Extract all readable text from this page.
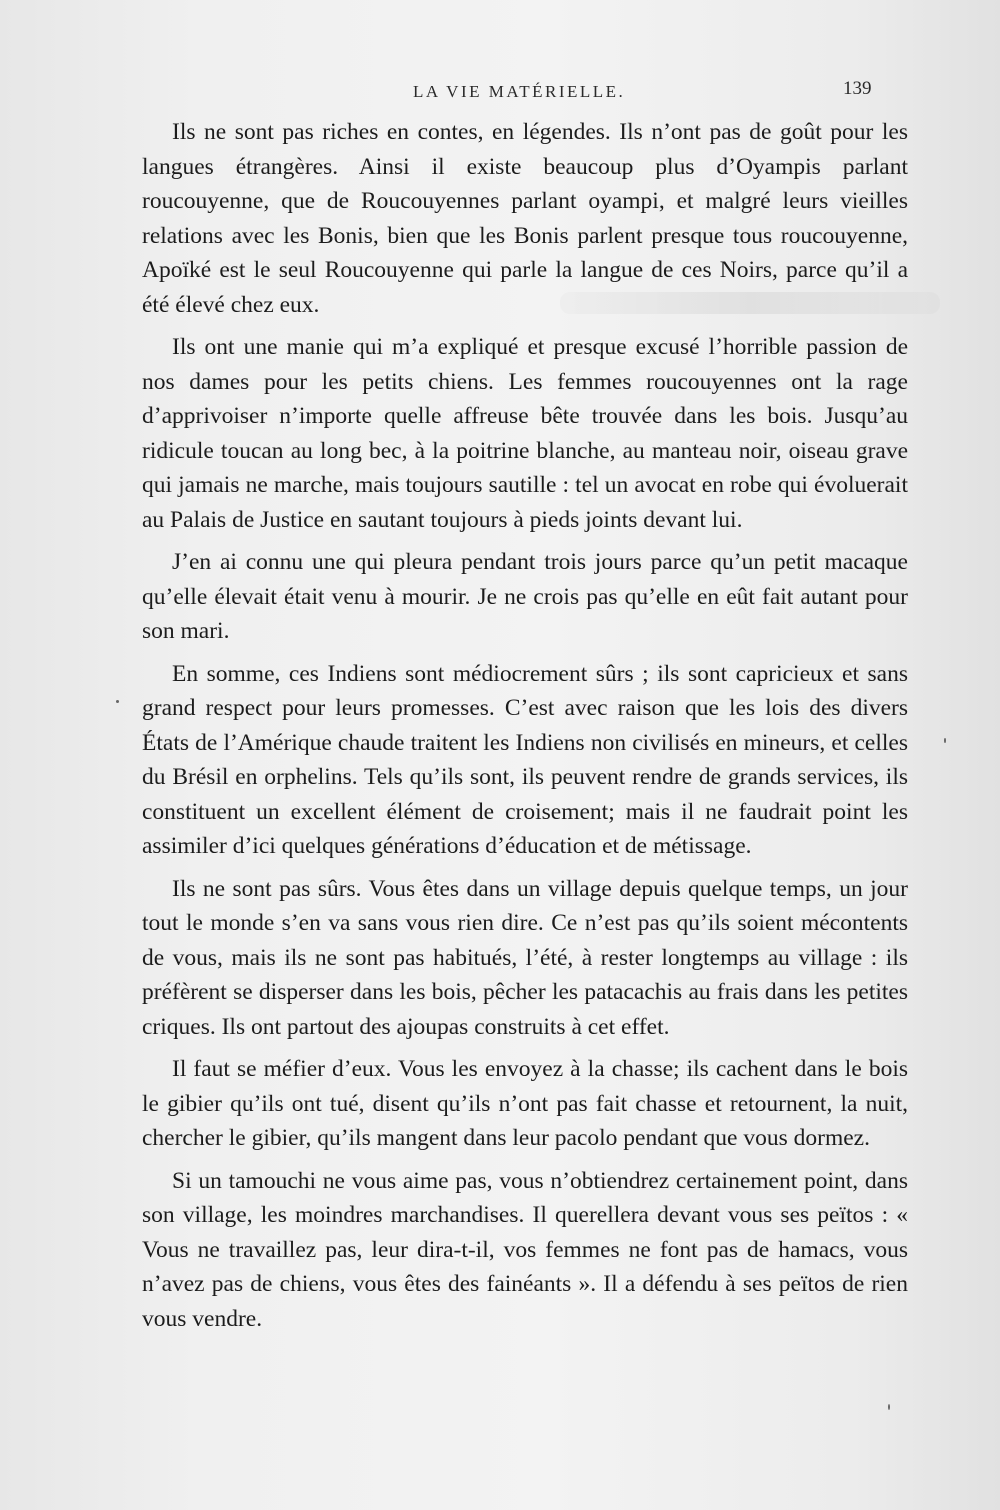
LA VIE MATÉRIELLE.	139

Ils ne sont pas riches en contes, en légendes. Ils n’ont pas de goût pour les langues étrangères. Ainsi il existe beaucoup plus d’Oyampis parlant roucouyenne, que de Roucouyennes parlant oyampi, et malgré leurs vieilles relations avec les Bonis, bien que les Bonis parlent presque tous roucouyenne, Apoïké est le seul Roucouyenne qui parle la langue de ces Noirs, parce qu’il a été élevé chez eux.

Ils ont une manie qui m’a expliqué et presque excusé l’horrible passion de nos dames pour les petits chiens. Les femmes roucouyennes ont la rage d’apprivoiser n’importe quelle affreuse bête trouvée dans les bois. Jusqu’au ridicule toucan au long bec, à la poitrine blanche, au manteau noir, oiseau grave qui jamais ne marche, mais toujours sautille : tel un avocat en robe qui évoluerait au Palais de Justice en sautant toujours à pieds joints devant lui.

J’en ai connu une qui pleura pendant trois jours parce qu’un petit macaque qu’elle élevait était venu à mourir. Je ne crois pas qu’elle en eût fait autant pour son mari.

En somme, ces Indiens sont médiocrement sûrs ; ils sont capricieux et sans grand respect pour leurs promesses. C’est avec raison que les lois des divers États de l’Amérique chaude traitent les Indiens non civilisés en mineurs, et celles du Brésil en orphelins. Tels qu’ils sont, ils peuvent rendre de grands services, ils constituent un excellent élément de croisement; mais il ne faudrait point les assimiler d’ici quelques générations d’éducation et de métissage.

Ils ne sont pas sûrs. Vous êtes dans un village depuis quelque temps, un jour tout le monde s’en va sans vous rien dire. Ce n’est pas qu’ils soient mécontents de vous, mais ils ne sont pas habitués, l’été, à rester longtemps au village : ils préfèrent se disperser dans les bois, pêcher les patacachis au frais dans les petites criques. Ils ont partout des ajoupas construits à cet effet.

Il faut se méfier d’eux. Vous les envoyez à la chasse; ils cachent dans le bois le gibier qu’ils ont tué, disent qu’ils n’ont pas fait chasse et retournent, la nuit, chercher le gibier, qu’ils mangent dans leur pacolo pendant que vous dormez.

Si un tamouchi ne vous aime pas, vous n’obtiendrez certainement point, dans son village, les moindres marchandises. Il querellera devant vous ses peïtos : « Vous ne travaillez pas, leur dira-t-il, vos femmes ne font pas de hamacs, vous n’avez pas de chiens, vous êtes des fainéants ». Il a défendu à ses peïtos de rien vous vendre.
